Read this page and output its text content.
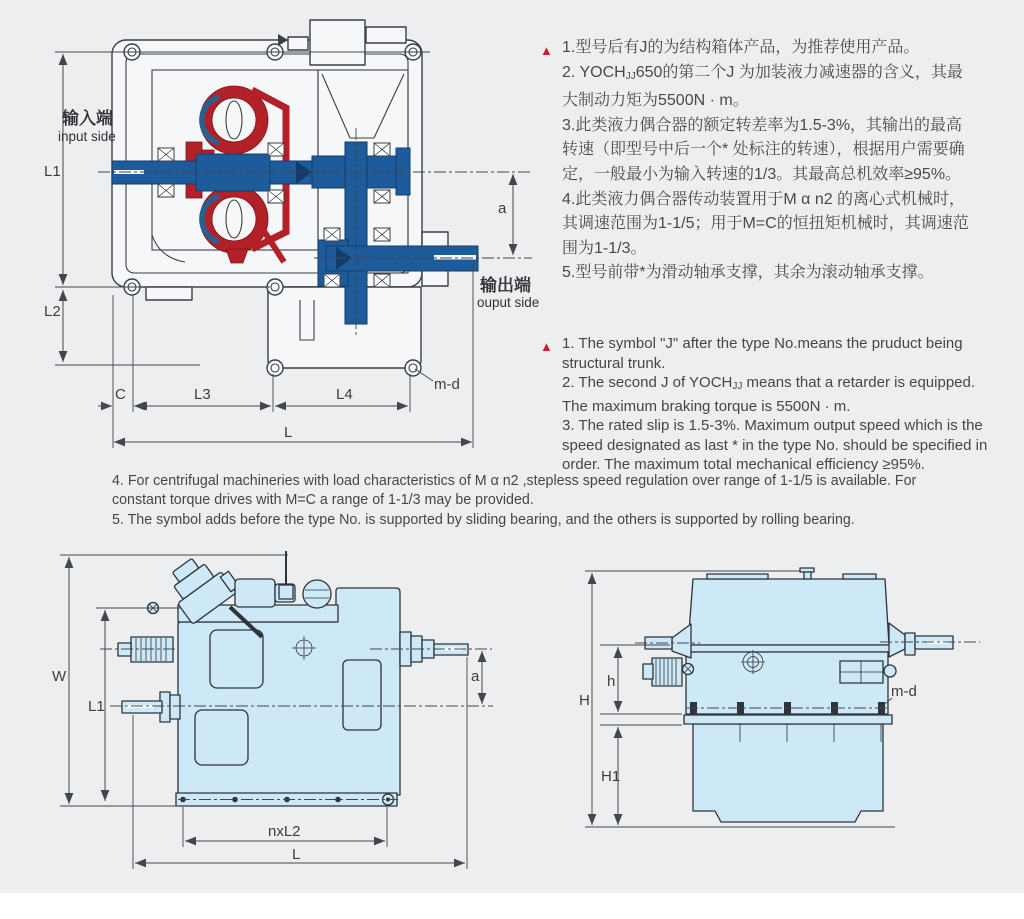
输入端
input side
输出端
ouput side
L1
L2
C	L3	L4
L
a
m-d
▲ 1.型号后有J的为结构箱体产品，为推荐使用产品。
2. YOCHJJ650的第二个J 为加装液力减速器的含义，其最
大制动力矩为5500N · m。
3.此类液力偶合器的额定转差率为1.5-3%，其输出的最高
转速（即型号中后一个* 处标注的转速），根据用户需要确
定，一般最小为输入转速的1/3。其最高总机效率≥95%。
4.此类液力偶合器传动装置用于M α n2 的离心式机械时，
其调速范围为1-1/5；用于M=C的恒扭矩机械时，其调速范
围为1-1/3。
5.型号前带*为滑动轴承支撑，其余为滚动轴承支撑。
▲ 1. The symbol "J" after the type No.means the pruduct being
structural trunk.
2. The second J of YOCHJJ means that a retarder is equipped.
The maximum braking torque is 5500N · m.
3. The rated slip is 1.5-3%. Maximum output speed which is the
speed designated as last * in the type No. should be specified in
order. The maximum total mechanical efficiency ≥95%.
4. For centrifugal machineries with load characteristics of M α n2 ,stepless speed regulation over range of 1-1/5 is available. For
constant torque drives with M=C a range of 1-1/3 may be provided.
5. The symbol adds before the type No. is supported by sliding bearing, and the others is supported by rolling bearing.
W
L1
a
nxL2
L
H
h
H1
m-d
